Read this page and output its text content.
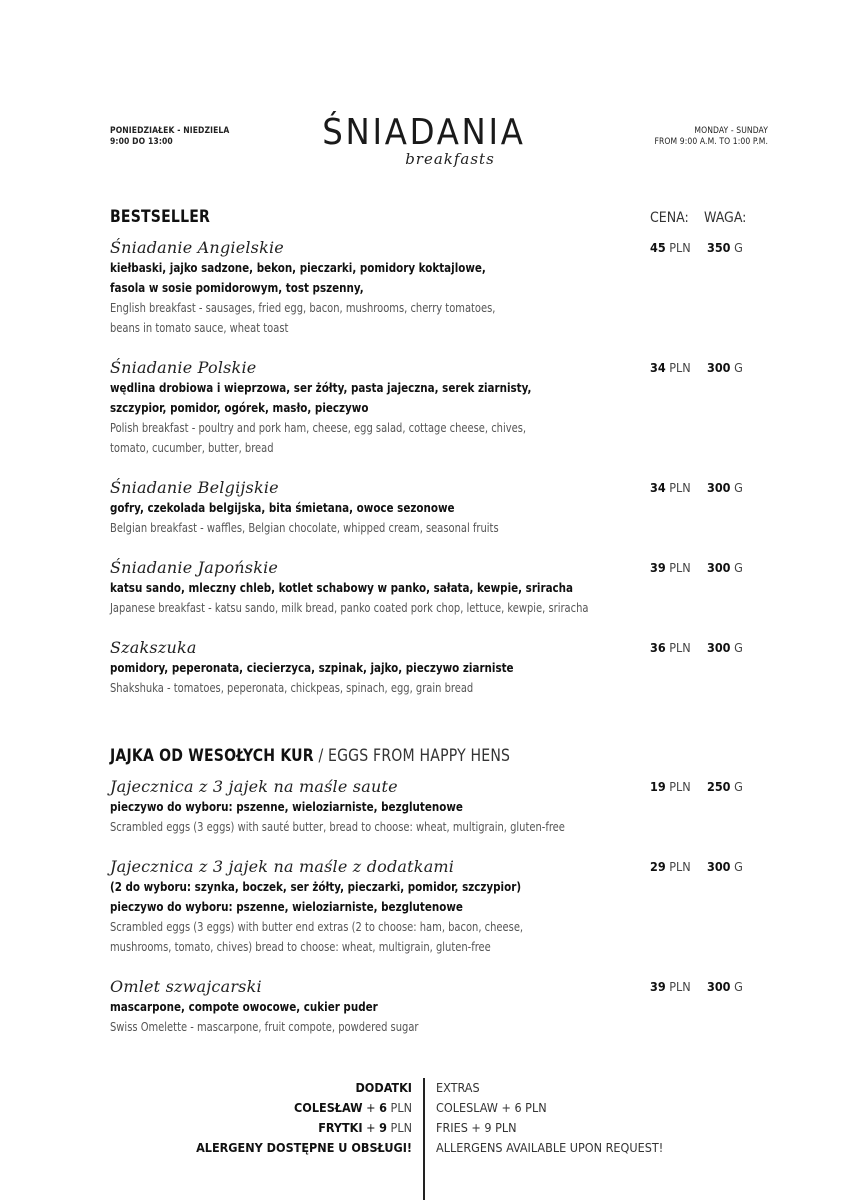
PONIEDZIAŁEK - NIEDZIELA
9:00 DO 13:00	ŚNIADANIA
breakfasts
MONDAY - SUNDAY
FROM 9:00 A.M. TO 1:00 P.M.
BESTSELLER	CENA: WAGA:
Śniadanie Angielskie
kiełbaski, jajko sadzone, bekon, pieczarki, pomidory koktajlowe,
fasola w sosie pomidorowym, tost pszenny,
English breakfast - sausages, fried egg, bacon, mushrooms, cherry tomatoes,
beans in tomato sauce, wheat toast
45 PLN 350 G
Śniadanie Polskie
wędlina drobiowa i wieprzowa, ser żółty, pasta jajeczna, serek ziarnisty,
szczypior, pomidor, ogórek, masło, pieczywo
Polish breakfast - poultry and pork ham, cheese, egg salad, cottage cheese, chives,
tomato, cucumber, butter, bread
34 PLN 300 G
Śniadanie Belgijskie
gofry, czekolada belgijska, bita śmietana, owoce sezonowe
Belgian breakfast - waffles, Belgian chocolate, whipped cream, seasonal fruits
34 PLN 300 G
Śniadanie Japońskie
katsu sando, mleczny chleb, kotlet schabowy w panko, sałata, kewpie, sriracha
Japanese breakfast - katsu sando, milk bread, panko coated pork chop, lettuce, kewpie, sriracha
39 PLN 300 G
Szakszuka
pomidory, peperonata, ciecierzyca, szpinak, jajko, pieczywo ziarniste
Shakshuka - tomatoes, peperonata, chickpeas, spinach, egg, grain bread
36 PLN 300 G
JAJKA OD WESOŁYCH KUR / EGGS FROM HAPPY HENS
Jajecznica z 3 jajek na maśle saute
pieczywo do wyboru: pszenne, wieloziarniste, bezglutenowe
Scrambled eggs (3 eggs) with sauté butter, bread to choose: wheat, multigrain, gluten-free
19 PLN 250 G
Jajecznica z 3 jajek na maśle z dodatkami
(2 do wyboru: szynka, boczek, ser żółty, pieczarki, pomidor, szczypior)
pieczywo do wyboru: pszenne, wieloziarniste, bezglutenowe
Scrambled eggs (3 eggs) with butter end extras (2 to choose: ham, bacon, cheese,
mushrooms, tomato, chives) bread to choose: wheat, multigrain, gluten-free
29 PLN 300 G
Omlet szwajcarski
mascarpone, compote owocowe, cukier puder
Swiss Omelette - mascarpone, fruit compote, powdered sugar
39 PLN 300 G
DODATKI
COLESŁAW + 6 PLN
FRYTKI + 9 PLN
ALERGENY DOSTĘPNE U OBSŁUGI!
EXTRAS
COLESLAW + 6 PLN
FRIES + 9 PLN
ALLERGENS AVAILABLE UPON REQUEST!
